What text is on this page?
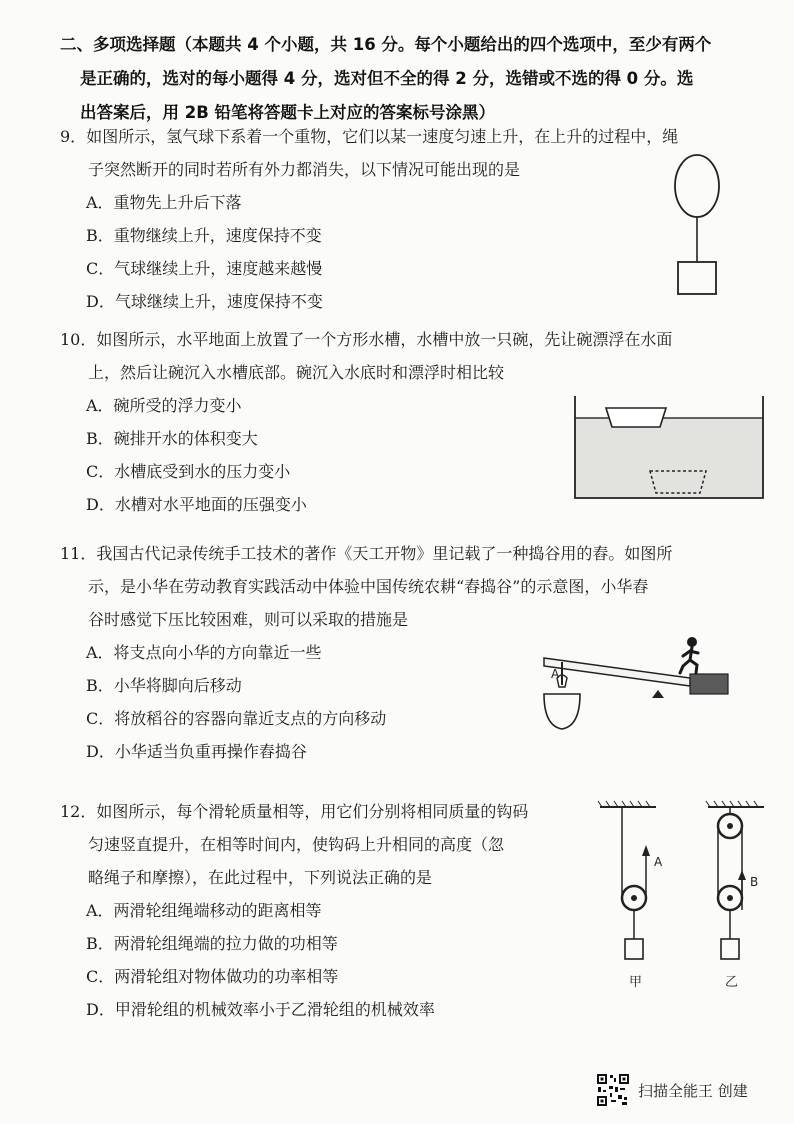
二、多项选择题（本题共 4 个小题，共 16 分。每个小题给出的四个选项中，至少有两个
是正确的，选对的每小题得 4 分，选对但不全的得 2 分，选错或不选的得 0 分。选
出答案后，用 2B 铅笔将答题卡上对应的答案标号涂黑）
9．如图所示，氢气球下系着一个重物，它们以某一速度匀速上升，在上升的过程中，绳
子突然断开的同时若所有外力都消失，以下情况可能出现的是
A．重物先上升后下落
B．重物继续上升，速度保持不变
C．气球继续上升，速度越来越慢
D．气球继续上升，速度保持不变
10．如图所示，水平地面上放置了一个方形水槽，水槽中放一只碗，先让碗漂浮在水面
上，然后让碗沉入水槽底部。碗沉入水底时和漂浮时相比较
A．碗所受的浮力变小
B．碗排开水的体积变大
C．水槽底受到水的压力变小
D．水槽对水平地面的压强变小
11．我国古代记录传统手工技术的著作《天工开物》里记载了一种捣谷用的舂。如图所
示，是小华在劳动教育实践活动中体验中国传统农耕“舂捣谷”的示意图，小华舂
谷时感觉下压比较困难，则可以采取的措施是
A．将支点向小华的方向靠近一些
B．小华将脚向后移动
C．将放稻谷的容器向靠近支点的方向移动
D．小华适当负重再操作舂捣谷
A
12．如图所示，每个滑轮质量相等，用它们分别将相同质量的钩码
匀速竖直提升，在相等时间内，使钩码上升相同的高度（忽
略绳子和摩擦），在此过程中，下列说法正确的是
A．两滑轮组绳端移动的距离相等
B．两滑轮组绳端的拉力做的功相等
C．两滑轮组对物体做功的功率相等
D．甲滑轮组的机械效率小于乙滑轮组的机械效率
A
甲
B
乙
扫描全能王 创建
